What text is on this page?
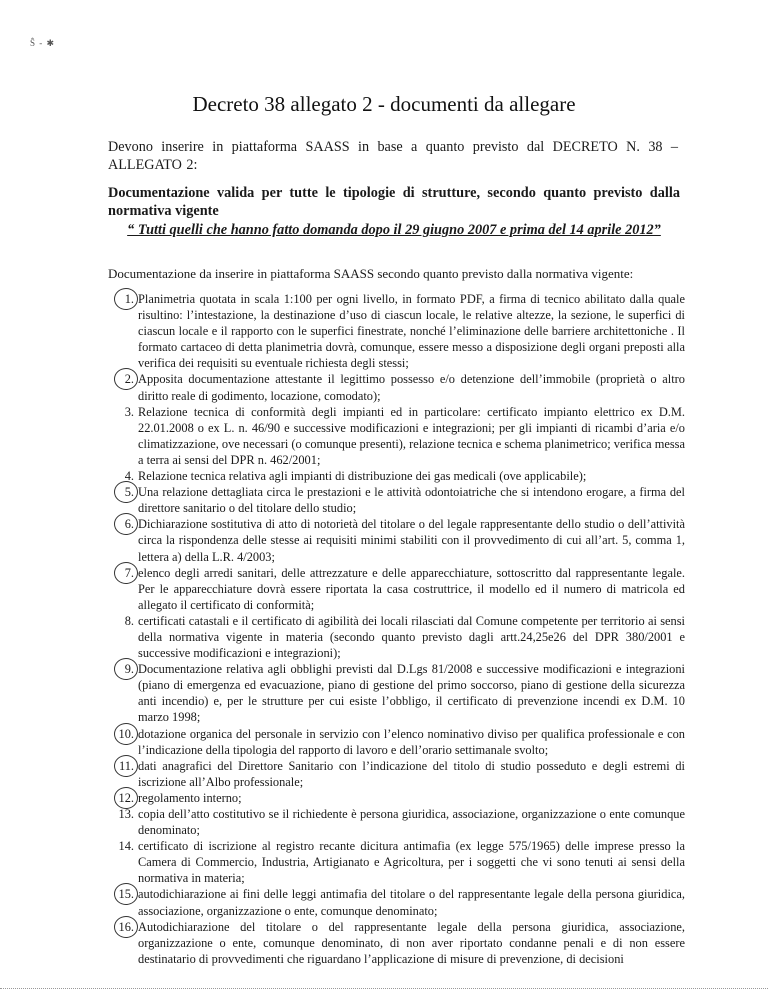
Ŝ - ✱
Decreto 38 allegato 2 - documenti da allegare
Devono inserire in piattaforma SAASS in base a quanto previsto dal DECRETO N. 38 – ALLEGATO 2:
Documentazione valida per tutte le tipologie di strutture, secondo quanto previsto dalla normativa vigente
“ Tutti quelli che hanno fatto domanda dopo il 29 giugno 2007 e prima del 14 aprile 2012”
Documentazione da inserire in piattaforma SAASS secondo quanto previsto dalla normativa vigente:
1. Planimetria quotata in scala 1:100 per ogni livello, in formato PDF, a firma di tecnico abilitato dalla quale risultino: l’intestazione, la destinazione d’uso di ciascun locale, le relative altezze, la sezione, le superfici di ciascun locale e il rapporto con le superfici finestrate, nonché l’eliminazione delle barriere architettoniche . Il formato cartaceo di detta planimetria dovrà, comunque, essere messo a disposizione degli organi preposti alla verifica dei requisiti su eventuale richiesta degli stessi;
2. Apposita documentazione attestante il legittimo possesso e/o detenzione dell’immobile (proprietà o altro diritto reale di godimento, locazione, comodato);
3. Relazione tecnica di conformità degli impianti ed in particolare: certificato impianto elettrico ex D.M. 22.01.2008 o ex L. n. 46/90 e successive modificazioni e integrazioni; per gli impianti di ricambi d’aria e/o climatizzazione, ove necessari (o comunque presenti), relazione tecnica e schema planimetrico; verifica messa a terra ai sensi del DPR n. 462/2001;
4. Relazione tecnica relativa agli impianti di distribuzione dei gas medicali (ove applicabile);
5. Una relazione dettagliata circa le prestazioni e le attività odontoiatriche che si intendono erogare, a firma del direttore sanitario o del titolare dello studio;
6. Dichiarazione sostitutiva di atto di notorietà del titolare o del legale rappresentante dello studio o dell’attività circa la rispondenza delle stesse ai requisiti minimi stabiliti con il provvedimento di cui all’art. 5, comma 1, lettera a) della L.R. 4/2003;
7. elenco degli arredi sanitari, delle attrezzature e delle apparecchiature, sottoscritto dal rappresentante legale. Per le apparecchiature dovrà essere riportata la casa costruttrice, il modello ed il numero di matricola ed allegato il certificato di conformità;
8. certificati catastali e il certificato di agibilità dei locali rilasciati dal Comune competente per territorio ai sensi della normativa vigente in materia (secondo quanto previsto dagli artt.24,25e26 del DPR 380/2001 e successive modificazioni e integrazioni);
9. Documentazione relativa agli obblighi previsti dal D.Lgs 81/2008 e successive modificazioni e integrazioni (piano di emergenza ed evacuazione, piano di gestione del primo soccorso, piano di gestione della sicurezza anti incendio) e, per le strutture per cui esiste l’obbligo, il certificato di prevenzione incendi ex D.M. 10 marzo 1998;
10. dotazione organica del personale in servizio con l’elenco nominativo diviso per qualifica professionale e con l’indicazione della tipologia del rapporto di lavoro e dell’orario settimanale svolto;
11. dati anagrafici del Direttore Sanitario con l’indicazione del titolo di studio posseduto e degli estremi di iscrizione all’Albo professionale;
12. regolamento interno;
13. copia dell’atto costitutivo se il richiedente è persona giuridica, associazione, organizzazione o ente comunque denominato;
14. certificato di iscrizione al registro recante dicitura antimafia (ex legge 575/1965) delle imprese presso la Camera di Commercio, Industria, Artigianato e Agricoltura, per i soggetti che vi sono tenuti ai sensi della normativa in materia;
15. autodichiarazione ai fini delle leggi antimafia del titolare o del rappresentante legale della persona giuridica, associazione, organizzazione o ente, comunque denominato;
16. Autodichiarazione del titolare o del rappresentante legale della persona giuridica, associazione, organizzazione o ente, comunque denominato, di non aver riportato condanne penali e di non essere destinatario di provvedimenti che riguardano l’applicazione di misure di prevenzione, di decisioni
